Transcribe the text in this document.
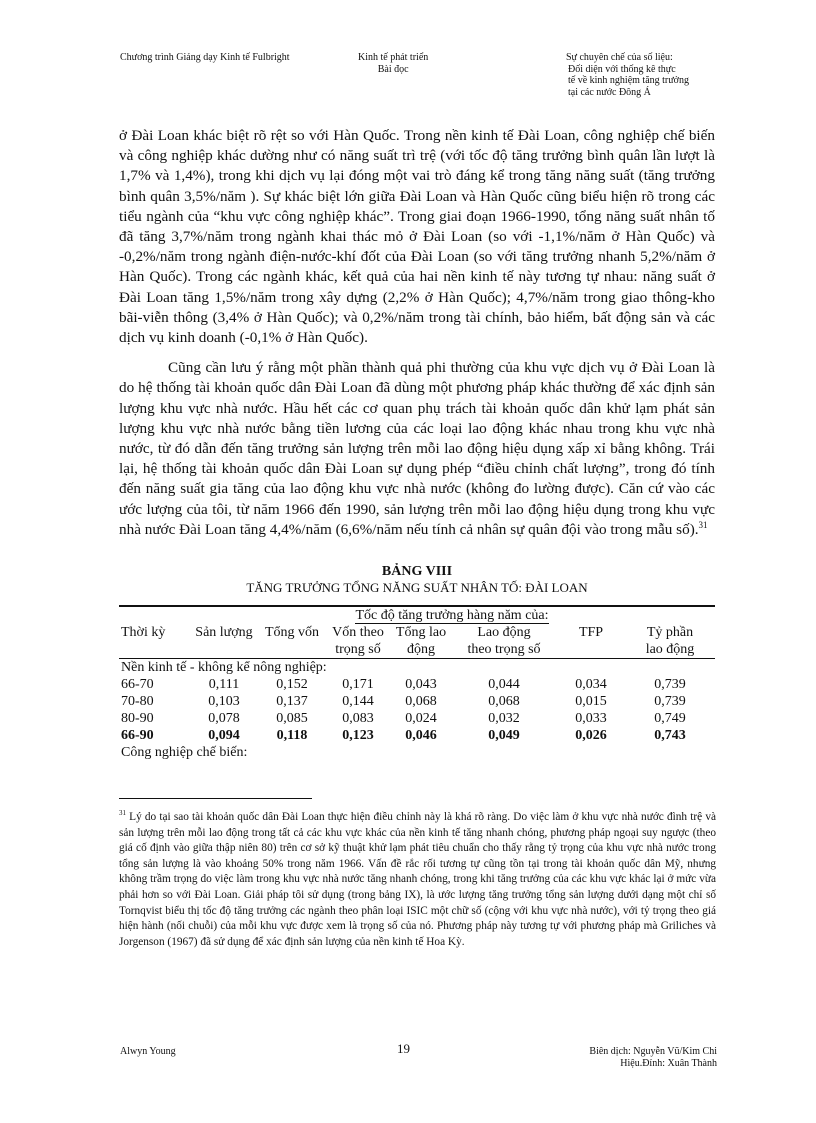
Chương trình Giảng dạy Kinh tế Fulbright	Kinh tế phát triển
Bài đọc
Sự chuyên chế của số liệu:
Đối diện với thống kê thực
tế về kinh nghiệm tăng trưởng
tại các nước Đông Á

ở Đài Loan khác biệt rõ rệt so với Hàn Quốc. Trong nền kinh tế Đài Loan, công nghiệp chế biến và công nghiệp khác dường như có năng suất trì trệ (với tốc độ tăng trưởng bình quân lần lượt là 1,7% và 1,4%), trong khi dịch vụ lại đóng một vai trò đáng kể trong tăng năng suất (tăng trưởng bình quân 3,5%/năm ). Sự khác biệt lớn giữa Đài Loan và Hàn Quốc cũng biểu hiện rõ trong các tiểu ngành của “khu vực công nghiệp khác”. Trong giai đoạn 1966-1990, tổng năng suất nhân tố đã tăng 3,7%/năm trong ngành khai thác mỏ ở Đài Loan (so với -1,1%/năm ở Hàn Quốc) và -0,2%/năm trong ngành điện-nước-khí đốt của Đài Loan (so với tăng trưởng nhanh 5,2%/năm ở Hàn Quốc). Trong các ngành khác, kết quả của hai nền kinh tế này tương tự nhau: năng suất ở Đài Loan tăng 1,5%/năm trong xây dựng (2,2% ở Hàn Quốc); 4,7%/năm trong giao thông-kho bãi-viễn thông (3,4% ở Hàn Quốc); và 0,2%/năm trong tài chính, bảo hiểm, bất động sản và các dịch vụ kinh doanh (-0,1% ở Hàn Quốc).

Cũng cần lưu ý rằng một phần thành quả phi thường của khu vực dịch vụ ở Đài Loan là do hệ thống tài khoản quốc dân Đài Loan đã dùng một phương pháp khác thường để xác định sản lượng khu vực nhà nước. Hầu hết các cơ quan phụ trách tài khoản quốc dân khử lạm phát sản lượng khu vực nhà nước bằng tiền lương của các loại lao động khác nhau trong khu vực nhà nước, từ đó dẫn đến tăng trưởng sản lượng trên mỗi lao động hiệu dụng xấp xỉ bằng không. Trái lại, hệ thống tài khoản quốc dân Đài Loan sự dụng phép “điều chỉnh chất lượng”, trong đó tính đến năng suất gia tăng của lao động khu vực nhà nước (không đo lường được). Căn cứ vào các ước lượng của tôi, từ năm 1966 đến 1990, sản lượng trên mỗi lao động hiệu dụng trong khu vực nhà nước Đài Loan tăng 4,4%/năm (6,6%/năm nếu tính cả nhân sự quân đội vào trong mẫu số).$^{31}$

BẢNG VIII
TĂNG TRƯỞNG TỔNG NĂNG SUẤT NHÂN TỐ: ĐÀI LOAN
	Tốc độ tăng trưởng hàng năm của:						
Thời kỳ	Sản lượng	Tổng vốn	Vốn theo	Tổng lao	Lao động	TFP	Tỷ phần
			trọng số	động	theo trọng số		lao động
Nền kinh tế - không kể nông nghiệp:							
66-70	0,111	0,152	0,171	0,043	0,044	0,034	0,739
70-80	0,103	0,137	0,144	0,068	0,068	0,015	0,739
80-90	0,078	0,085	0,083	0,024	0,032	0,033	0,749
66-90	0,094	0,118	0,123	0,046	0,049	0,026	0,743
Công nghiệp chế biến:							
$^{31}$ Lý do tại sao tài khoản quốc dân Đài Loan thực hiện điều chỉnh này là khá rõ ràng. Do việc làm ở khu vực nhà nước đình trệ và sản lượng trên mỗi lao động trong tất cả các khu vực khác của nền kinh tế tăng nhanh chóng, phương pháp ngoại suy ngược (theo giá cố định vào giữa thập niên 80) trên cơ sở kỹ thuật khử lạm phát tiêu chuẩn cho thấy rằng tỷ trọng của khu vực nhà nước trong tổng sản lượng là vào khoảng 50% trong năm 1966. Vấn đề rắc rối tương tự cũng tồn tại trong tài khoản quốc dân Mỹ, nhưng không trầm trọng do việc làm trong khu vực nhà nước tăng nhanh chóng, trong khi tăng trưởng của các khu vực khác lại ở mức vừa phải hơn so với Đài Loan. Giải pháp tôi sử dụng (trong bảng IX), là ước lượng tăng trưởng tổng sản lượng dưới dạng một chỉ số Tornqvist biểu thị tốc độ tăng trưởng các ngành theo phân loại ISIC một chữ số (cộng với khu vực nhà nước), với tỷ trọng theo giá hiện hành (nối chuỗi) của mỗi khu vực được xem là trọng số của nó. Phương pháp này tương tự với phương pháp mà Griliches và Jorgenson (1967) đã sử dụng để xác định sản lượng của nền kinh tế Hoa Kỳ.
Alwyn Young	19	Biên dịch: Nguyễn Vũ/Kim Chi
Hiệu.Đính: Xuân Thành
